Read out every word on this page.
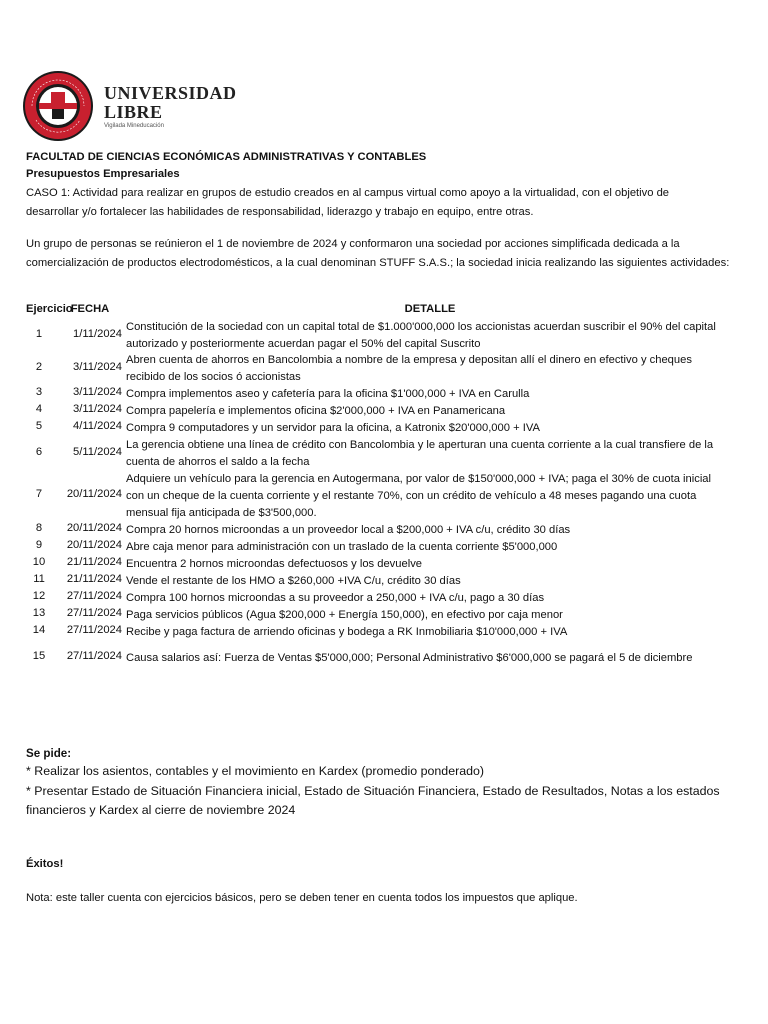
UNIVERSIDAD
LIBRE
Vigilada Mineducación
FACULTAD DE CIENCIAS ECONÓMICAS ADMINISTRATIVAS Y CONTABLES
Presupuestos Empresariales
CASO 1: Actividad para realizar en grupos de estudio creados en al campus virtual como apoyo a la virtualidad, con el objetivo de
desarrollar y/o fortalecer las habilidades de responsabilidad, liderazgo y trabajo en equipo, entre otras.
Un grupo de personas se reúnieron el 1 de noviembre de 2024 y conformaron una sociedad por acciones simplificada dedicada a la
comercialización de productos electrodomésticos, a la cual denominan STUFF S.A.S.; la sociedad inicia realizando las siguientes actividades:
Ejercicio
FECHA	DETALLE
1	1/11/2024
Constitución de la sociedad con un capital total de $1.000'000,000 los accionistas acuerdan suscribir el 90% del capital
autorizado y posteriormente acuerdan pagar el 50% del capital Suscrito
2	3/11/2024
Abren cuenta de ahorros en Bancolombia a nombre de la empresa y depositan allí el dinero en efectivo y cheques
recibido de los socios ó accionistas
3	3/11/2024 Compra implementos aseo y cafetería para la oficina $1'000,000 + IVA en Carulla
4	3/11/2024 Compra papelería e implementos oficina $2'000,000 + IVA en Panamericana
5	4/11/2024 Compra 9 computadores y un servidor para la oficina, a Katronix $20'000,000 + IVA
6	5/11/2024
La gerencia obtiene una línea de crédito con Bancolombia y le aperturan una cuenta corriente a la cual transfiere de la
cuenta de ahorros el saldo a la fecha
7	20/11/2024
Adquiere un vehículo para la gerencia en Autogermana, por valor de $150'000,000 + IVA; paga el 30% de cuota inicial
con un cheque de la cuenta corriente y el restante 70%, con un crédito de vehículo a 48 meses pagando una cuota
mensual fija anticipada de $3'500,000.
8	20/11/2024 Compra 20 hornos microondas a un proveedor local a $200,000 + IVA c/u, crédito 30 días
9	20/11/2024 Abre caja menor para administración con un traslado de la cuenta corriente $5'000,000
10	21/11/2024 Encuentra 2 hornos microondas defectuosos y los devuelve
11	21/11/2024 Vende el restante de los HMO a $260,000 +IVA C/u, crédito 30 días
12	27/11/2024 Compra 100 hornos microondas a su proveedor a 250,000 + IVA c/u, pago a 30 días
13	27/11/2024 Paga servicios públicos (Agua $200,000 + Energía 150,000), en efectivo por caja menor
14	27/11/2024 Recibe y paga factura de arriendo oficinas y bodega a RK Inmobiliaria $10'000,000 + IVA
15	27/11/2024 Causa salarios así: Fuerza de Ventas $5'000,000; Personal Administrativo $6'000,000 se pagará el 5 de diciembre
Se pide:
* Realizar los asientos, contables y el movimiento en Kardex (promedio ponderado)
* Presentar Estado de Situación Financiera inicial, Estado de Situación Financiera, Estado de Resultados, Notas a los estados
financieros y Kardex al cierre de noviembre 2024
Éxitos!
Nota: este taller cuenta con ejercicios básicos, pero se deben tener en cuenta todos los impuestos que aplique.
